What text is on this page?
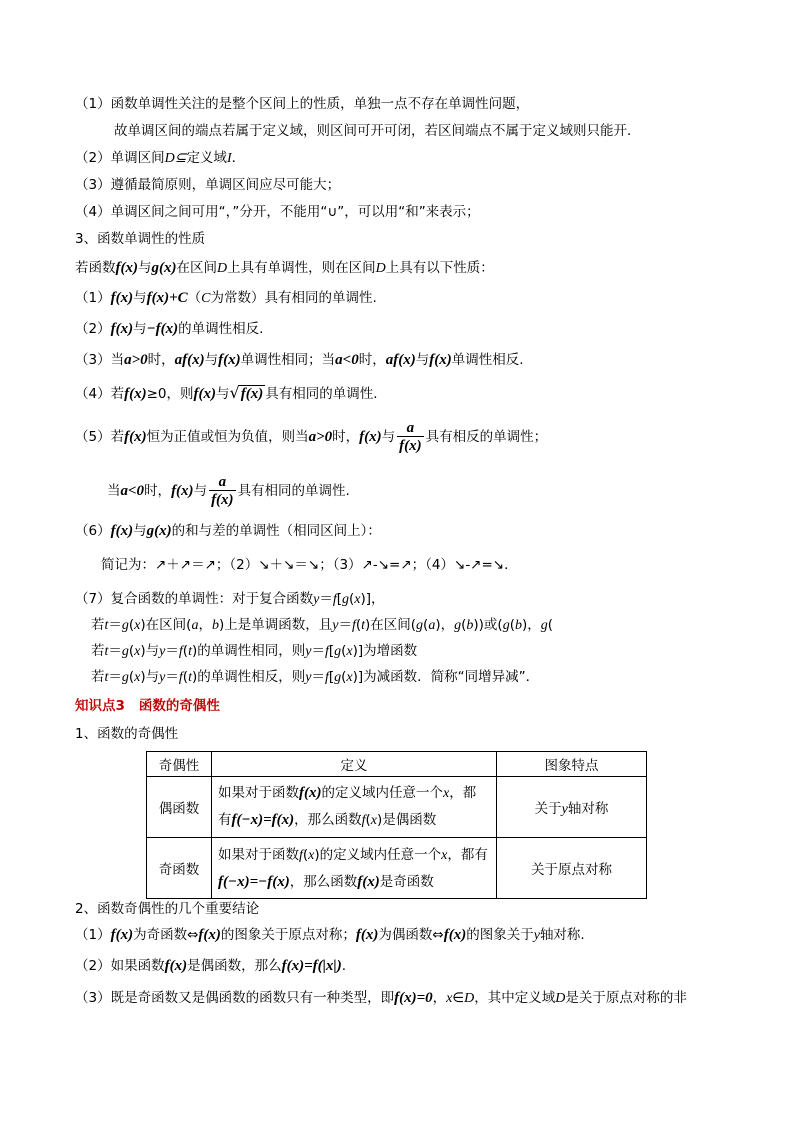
（1）函数单调性关注的是整个区间上的性质，单独一点不存在单调性问题，
故单调区间的端点若属于定义域，则区间可开可闭，若区间端点不属于定义域则只能开．
（2）单调区间D⊆定义域I．
（3）遵循最简原则，单调区间应尽可能大；
（4）单调区间之间可用“，”分开，不能用“∪”，可以用“和”来表示；
3、函数单调性的性质
若函数f(x)与g(x)在区间D上具有单调性，则在区间D上具有以下性质：
（1）f(x)与f(x)+C（C为常数）具有相同的单调性.
（2）f(x)与−f(x)的单调性相反.
（3）当a>0时，af(x)与f(x)单调性相同；当a<0时，af(x)与f(x)单调性相反.
（4）若f(x)≥0，则f(x)与√f(x) 具有相同的单调性.
（5）若f(x)恒为正值或恒为负值，则当a>0时，f(x)与 $\frac{a}{f(x)}$ 具有相反的单调性；
当a<0时，f(x)与 $\frac{a}{f(x)}$ 具有相同的单调性.
（6）f(x)与g(x)的和与差的单调性（相同区间上）：
简记为：↗＋↗＝↗；（2）↘＋↘＝↘；（3）↗-↘=↗；（4）↘-↗=↘．
（7）复合函数的单调性：对于复合函数y＝f[g(x)]，
若t＝g(x)在区间(a，b)上是单调函数，且y＝f(t)在区间(g(a)，g(b))或(g(b)，g(
若t＝g(x)与y＝f(t)的单调性相同，则y＝f[g(x)]为增函数
若t＝g(x)与y＝f(t)的单调性相反，则y＝f[g(x)]为减函数．简称“同增异减”．
知识点3 函数的奇偶性
1、函数的奇偶性
奇偶性	定义	图象特点
偶函数	如果对于函数f(x)的定义域内任意一个x，都
有f(−x)=f(x)，那么函数f(x)是偶函数	关于y轴对称
奇函数	如果对于函数f(x)的定义域内任意一个x，都有
f(−x)=−f(x)，那么函数f(x)是奇函数	关于原点对称
2、函数奇偶性的几个重要结论
（1）f(x)为奇函数⇔f(x)的图象关于原点对称；f(x)为偶函数⇔f(x)的图象关于y轴对称.
（2）如果函数f(x)是偶函数，那么f(x)=f(|x|).
（3）既是奇函数又是偶函数的函数只有一种类型，即f(x)=0，x∈D，其中定义域D是关于原点对称的非
